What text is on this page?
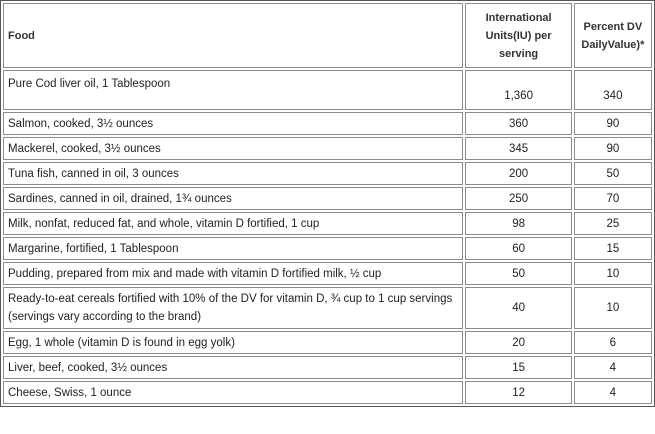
Food	International Units(IU) per serving	Percent DV DailyValue)*
Pure Cod liver oil, 1 Tablespoon	1,360	340
Salmon, cooked, 3½ ounces	360	90
Mackerel, cooked, 3½ ounces	345	90
Tuna fish, canned in oil, 3 ounces	200	50
Sardines, canned in oil, drained, 1¾ ounces	250	70
Milk, nonfat, reduced fat, and whole, vitamin D fortified, 1 cup	98	25
Margarine, fortified, 1 Tablespoon	60	15
Pudding, prepared from mix and made with vitamin D fortified milk, ½ cup	50	10
Ready-to-eat cereals fortified with 10% of the DV for vitamin D, ¾ cup to 1 cup servings (servings vary according to the brand)	40	10
Egg, 1 whole (vitamin D is found in egg yolk)	20	6
Liver, beef, cooked, 3½ ounces	15	4
Cheese, Swiss, 1 ounce	12	4
